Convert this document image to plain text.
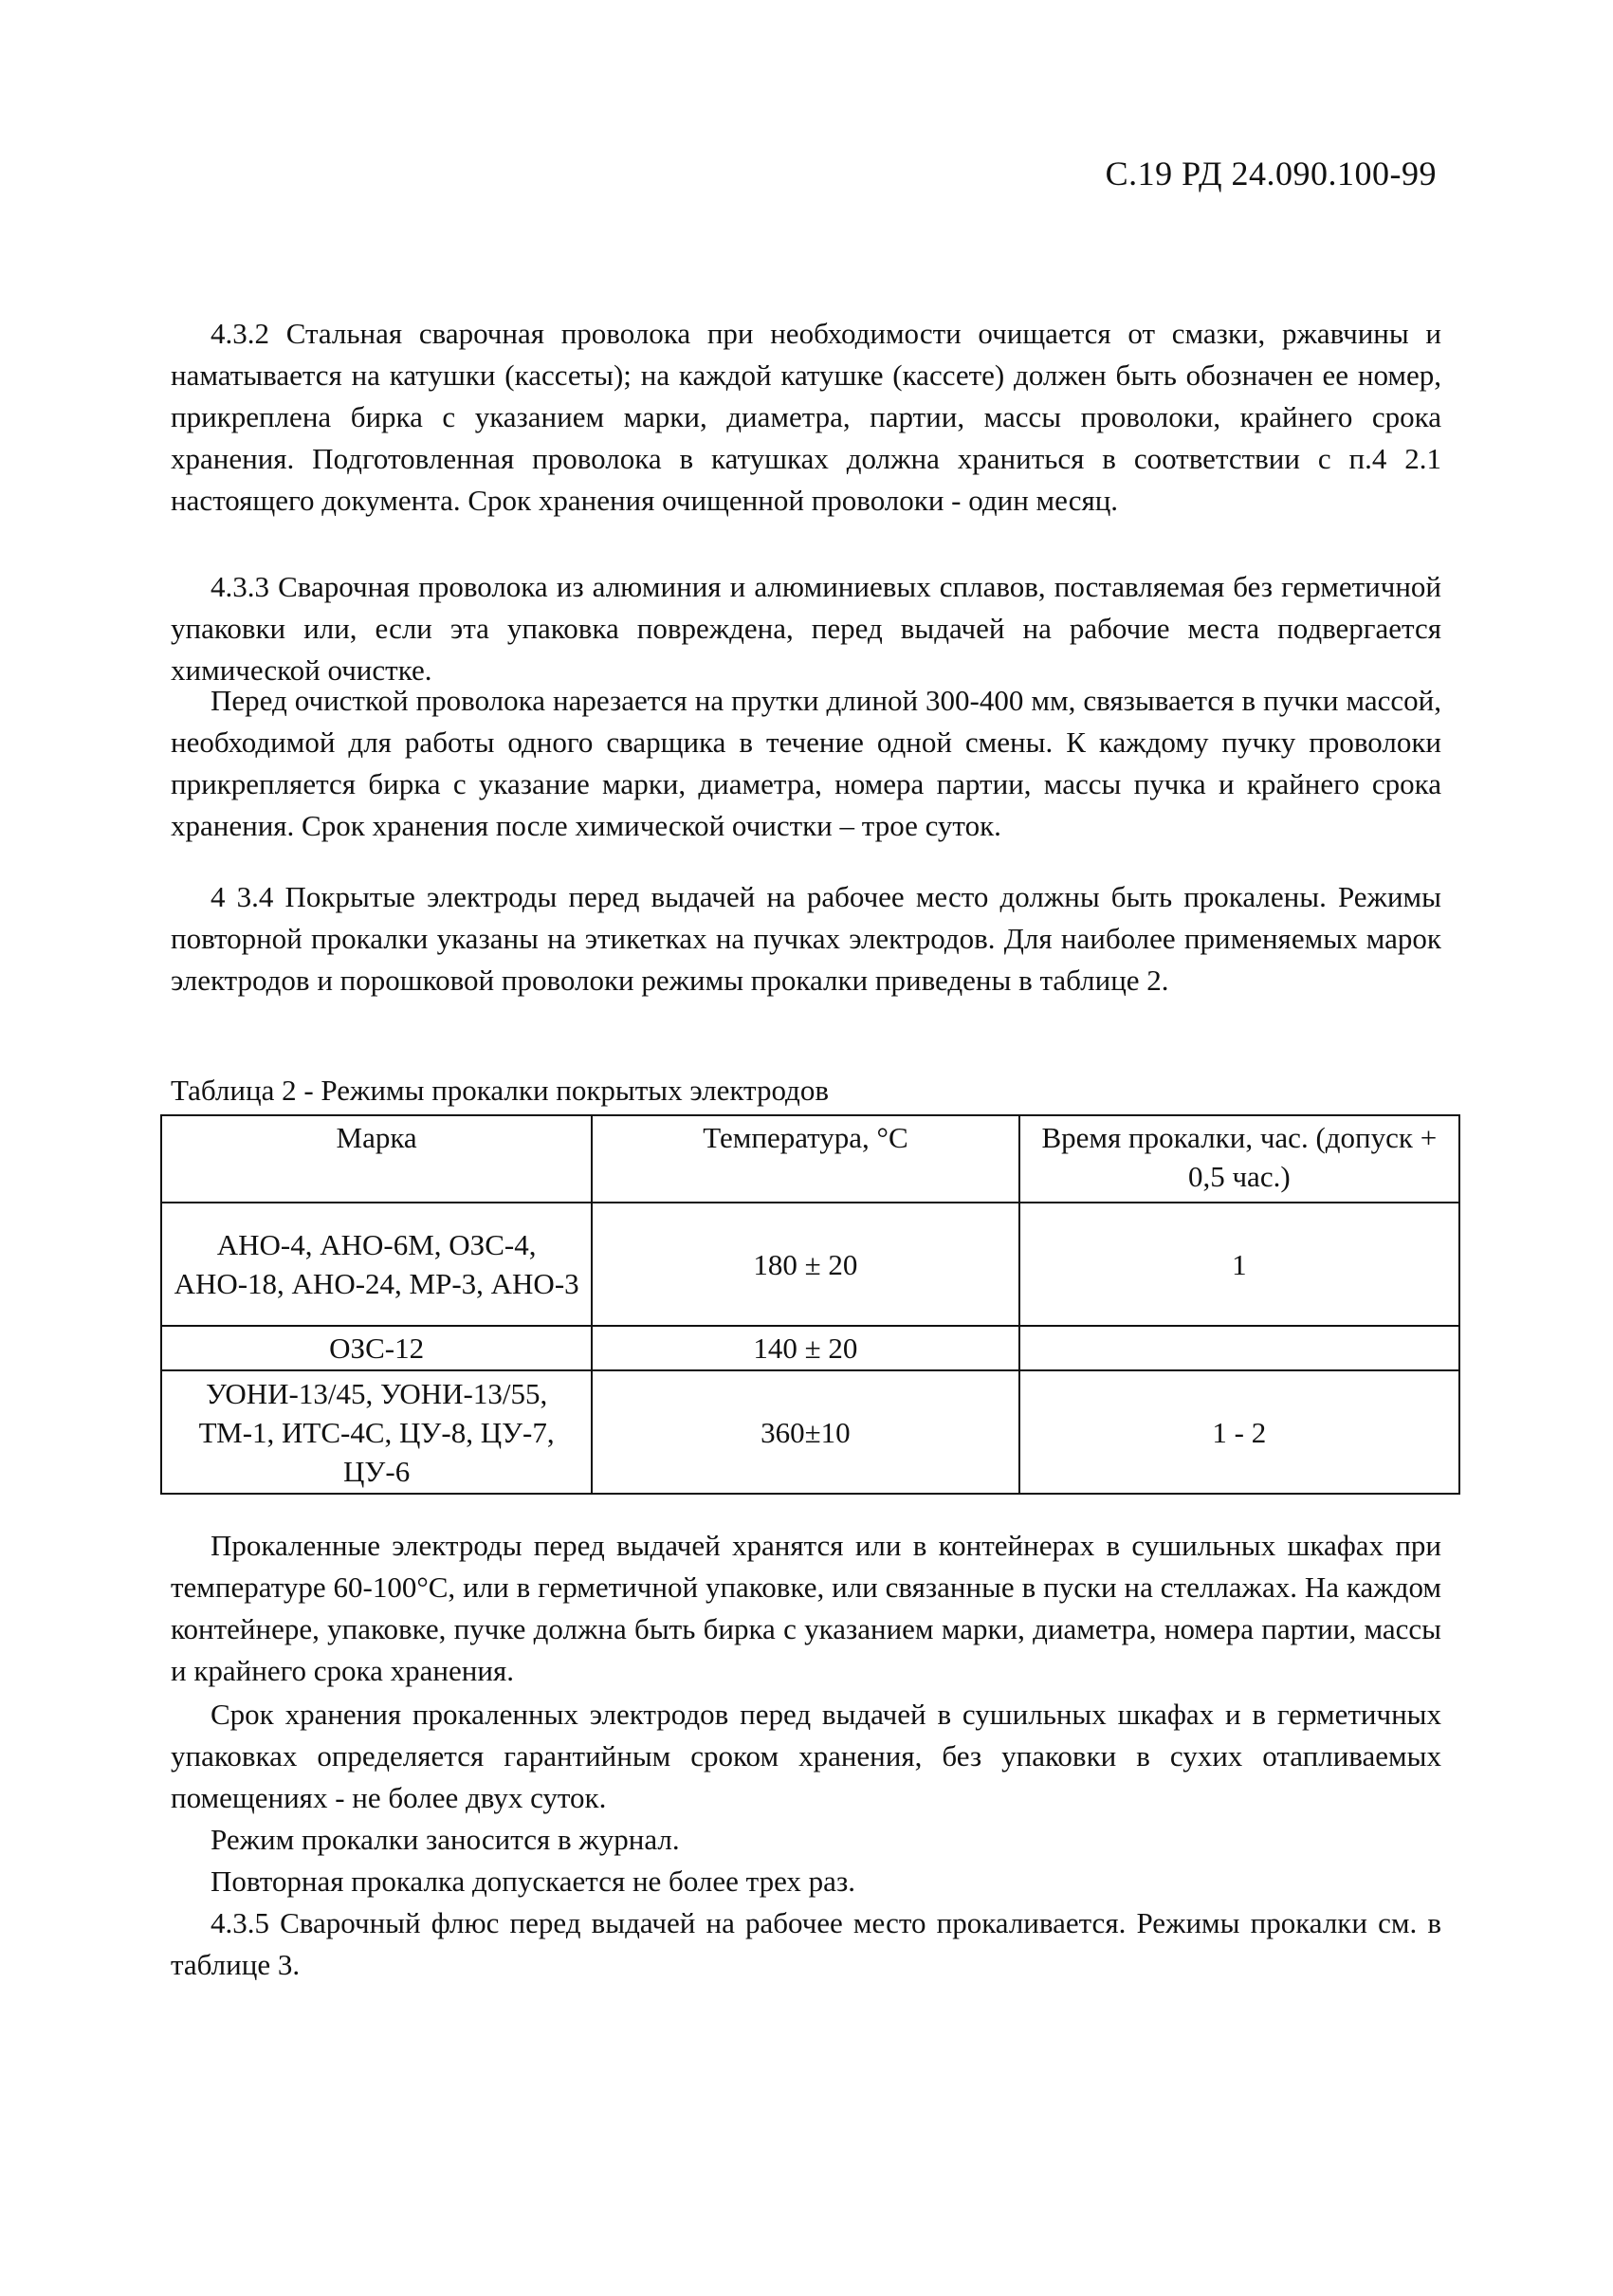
С.19 РД 24.090.100-99

4.3.2 Стальная сварочная проволока при необходимости очищается от смазки, ржавчины и наматывается на катушки (кассеты); на каждой катушке (кассете) должен быть обозначен ее номер, прикреплена бирка с указанием марки, диаметра, партии, массы проволоки, крайнего срока хранения. Подготовленная проволока в катушках должна храниться в соответствии с п.4 2.1 настоящего документа. Срок хранения очищенной проволоки - один месяц.

4.3.3 Сварочная проволока из алюминия и алюминиевых сплавов, поставляемая без герметичной упаковки или, если эта упаковка повреждена, перед выдачей на рабочие места подвергается химической очистке.

Перед очисткой проволока нарезается на прутки длиной 300-400 мм, связывается в пучки массой, необходимой для работы одного сварщика в течение одной смены. К каждому пучку проволоки прикрепляется бирка с указание марки, диаметра, номера партии, массы пучка и крайнего срока хранения. Срок хранения после химической очистки – трое суток.

4 3.4 Покрытые электроды перед выдачей на рабочее место должны быть прокалены. Режимы повторной прокалки указаны на этикетках на пучках электродов. Для наиболее применяемых марок электродов и порошковой проволоки режимы прокалки приведены в таблице 2.

Таблица 2 - Режимы прокалки покрытых электродов

Марка	Температура, °С	Время прокалки, час. (допуск + 0,5 час.)
АНО-4, АНО-6М, ОЗС-4, АНО-18, АНО-24, МР-3, АНО-3	180 ± 20	1
ОЗС-12	140 ± 20	
УОНИ-13/45, УОНИ-13/55, ТМ-1, ИТС-4С, ЦУ-8, ЦУ-7, ЦУ-6	360±10	1 - 2

Прокаленные электроды перед выдачей хранятся или в контейнерах в сушильных шкафах при температуре 60-100°С, или в герметичной упаковке, или связанные в пуски на стеллажах. На каждом контейнере, упаковке, пучке должна быть бирка с указанием марки, диаметра, номера партии, массы и крайнего срока хранения.

Срок хранения прокаленных электродов перед выдачей в сушильных шкафах и в герметичных упаковках определяется гарантийным сроком хранения, без упаковки в сухих отапливаемых помещениях - не более двух суток.

Режим прокалки заносится в журнал.

Повторная прокалка допускается не более трех раз.

4.3.5 Сварочный флюс перед выдачей на рабочее место прокаливается. Режимы прокалки см. в таблице 3.
